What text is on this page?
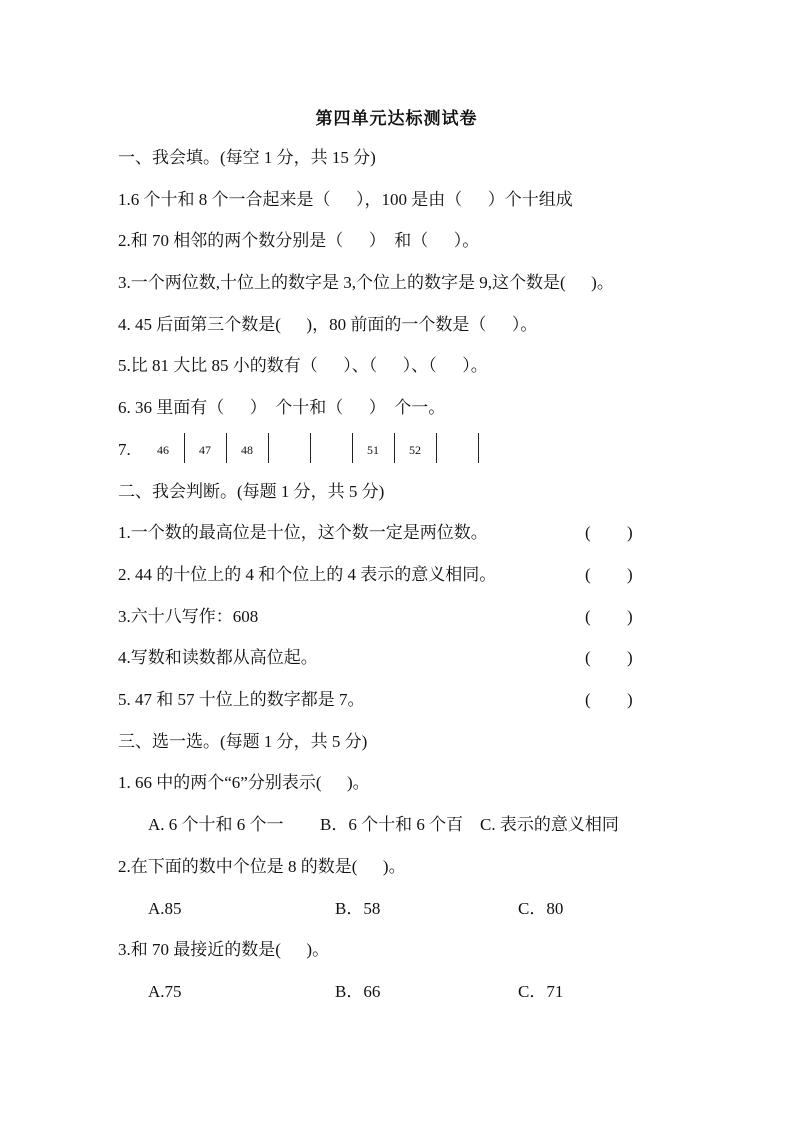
第四单元达标测试卷
一、我会填。(每空 1 分，共 15 分)
1.6 个十和 8 个一合起来是（      ），100 是由（      ）个十组成
2.和 70 相邻的两个数分别是（      ）  和（      ）。
3.一个两位数,十位上的数字是 3,个位上的数字是 9,这个数是(      )。
4. 45 后面第三个数是(      )，80 前面的一个数是（      ）。
5.比 81 大比 85 小的数有（      ）、（      ）、（      ）。
6. 36 里面有（      ）  个十和（      ）  个一。
7.	46	47	48	51	52
二、我会判断。(每题 1 分，共 5 分)
1.一个数的最高位是十位，这个数一定是两位数。	( )
2. 44 的十位上的 4 和个位上的 4 表示的意义相同。	( )
3.六十八写作：608	( )
4.写数和读数都从高位起。	( )
5. 47 和 57 十位上的数字都是 7。	( )
三、选一选。(每题 1 分，共 5 分)
1. 66 中的两个“6”分别表示(      )。
A. 6 个十和 6 个一 B．6 个十和 6 个百 C. 表示的意义相同
2.在下面的数中个位是 8 的数是(      )。
A.85	B．58	C．80
3.和 70 最接近的数是(      )。
A.75	B．66	C．71
